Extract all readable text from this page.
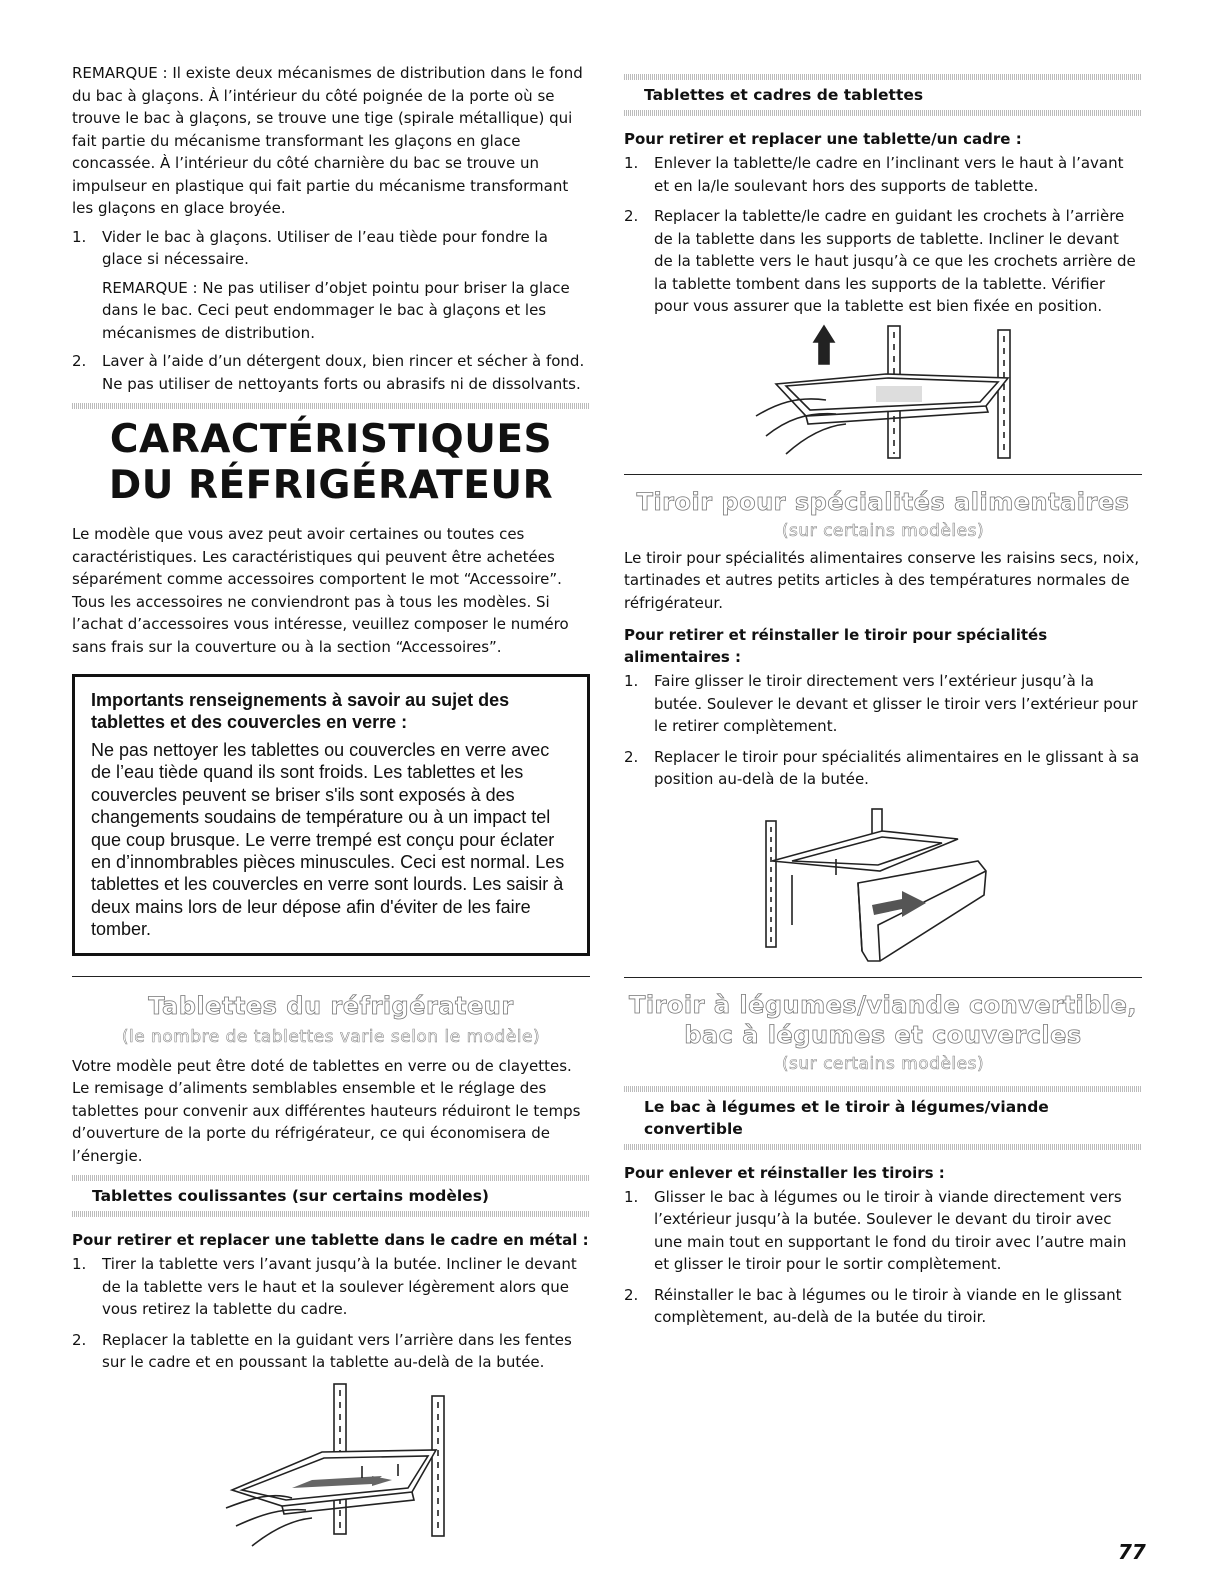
REMARQUE : Il existe deux mécanismes de distribution dans le fond du bac à glaçons. À l’intérieur du côté poignée de la porte où se trouve le bac à glaçons, se trouve une tige (spirale métallique) qui fait partie du mécanisme transformant les glaçons en glace concassée. À l’intérieur du côté charnière du bac se trouve un impulseur en plastique qui fait partie du mécanisme transformant les glaçons en glace broyée.

1. Vider le bac à glaçons. Utiliser de l’eau tiède pour fondre la glace si nécessaire.

REMARQUE : Ne pas utiliser d’objet pointu pour briser la glace dans le bac. Ceci peut endommager le bac à glaçons et les mécanismes de distribution.

2. Laver à l’aide d’un détergent doux, bien rincer et sécher à fond. Ne pas utiliser de nettoyants forts ou abrasifs ni de dissolvants.
CARACTÉRISTIQUES
DU RÉFRIGÉRATEUR

Le modèle que vous avez peut avoir certaines ou toutes ces caractéristiques. Les caractéristiques qui peuvent être achetées séparément comme accessoires comportent le mot “Accessoire”. Tous les accessoires ne conviendront pas à tous les modèles. Si l’achat d’accessoires vous intéresse, veuillez composer le numéro sans frais sur la couverture ou à la section “Accessoires”.

Importants renseignements à savoir au sujet des tablettes et des couvercles en verre :
Ne pas nettoyer les tablettes ou couvercles en verre avec de l’eau tiède quand ils sont froids. Les tablettes et les couvercles peuvent se briser s'ils sont exposés à des changements soudains de température ou à un impact tel que coup brusque. Le verre trempé est conçu pour éclater en d’innombrables pièces minuscules. Ceci est normal. Les tablettes et les couvercles en verre sont lourds. Les saisir à deux mains lors de leur dépose afin d'éviter de les faire tomber.
Tablettes du réfrigérateur
(le nombre de tablettes varie selon le modèle)

Votre modèle peut être doté de tablettes en verre ou de clayettes. Le remisage d’aliments semblables ensemble et le réglage des tablettes pour convenir aux différentes hauteurs réduiront le temps d’ouverture de la porte du réfrigérateur, ce qui économisera de l’énergie.

Tablettes coulissantes (sur certains modèles)
Pour retirer et replacer une tablette dans le cadre en métal :
1. Tirer la tablette vers l’avant jusqu’à la butée. Incliner le devant de la tablette vers le haut et la soulever légèrement alors que vous retirez la tablette du cadre.
2. Replacer la tablette en la guidant vers l’arrière dans les fentes sur le cadre et en poussant la tablette au-delà de la butée.
Tablettes et cadres de tablettes
Pour retirer et replacer une tablette/un cadre :
1. Enlever la tablette/le cadre en l’inclinant vers le haut à l’avant et en la/le soulevant hors des supports de tablette.
2. Replacer la tablette/le cadre en guidant les crochets à l’arrière de la tablette dans les supports de tablette. Incliner le devant de la tablette vers le haut jusqu’à ce que les crochets arrière de la tablette tombent dans les supports de la tablette. Vérifier pour vous assurer que la tablette est bien fixée en position.
Tiroir pour spécialités alimentaires
(sur certains modèles)

Le tiroir pour spécialités alimentaires conserve les raisins secs, noix, tartinades et autres petits articles à des températures normales de réfrigérateur.

Pour retirer et réinstaller le tiroir pour spécialités alimentaires :
1. Faire glisser le tiroir directement vers l’extérieur jusqu’à la butée. Soulever le devant et glisser le tiroir vers l’extérieur pour le retirer complètement.
2. Replacer le tiroir pour spécialités alimentaires en le glissant à sa position au-delà de la butée.
Tiroir à légumes/viande convertible,
bac à légumes et couvercles
(sur certains modèles)
Le bac à légumes et le tiroir à légumes/viande convertible
Pour enlever et réinstaller les tiroirs :
1. Glisser le bac à légumes ou le tiroir à viande directement vers l’extérieur jusqu’à la butée. Soulever le devant du tiroir avec une main tout en supportant le fond du tiroir avec l’autre main et glisser le tiroir pour le sortir complètement.
2. Réinstaller le bac à légumes ou le tiroir à viande en le glissant complètement, au-delà de la butée du tiroir.
77
